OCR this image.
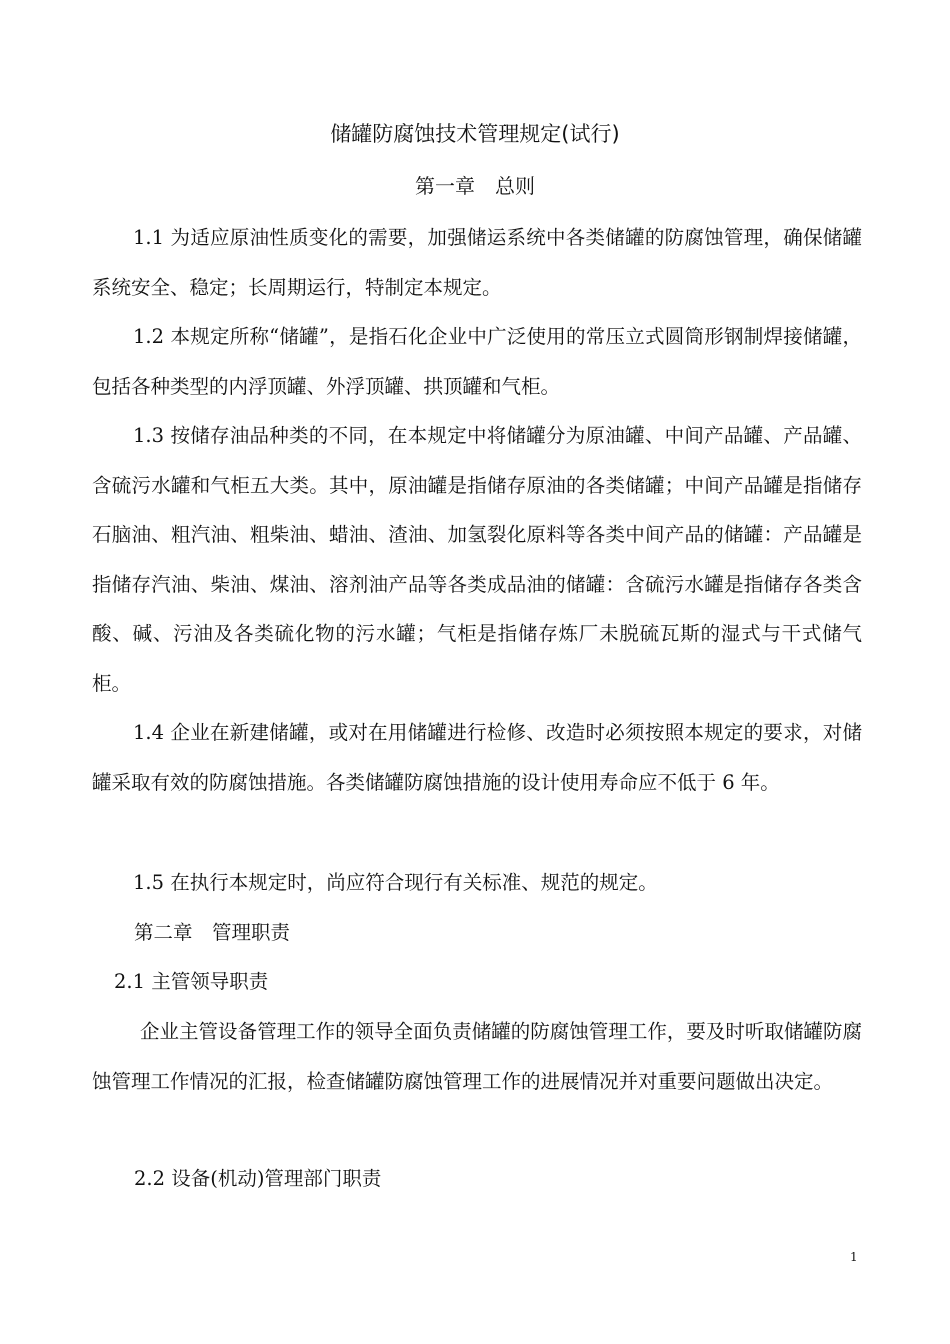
储罐防腐蚀技术管理规定(试行)
第一章　总则

1.1 为适应原油性质变化的需要，加强储运系统中各类储罐的防腐蚀管理，确保储罐系统安全、稳定；长周期运行，特制定本规定。

1.2 本规定所称“储罐”，是指石化企业中广泛使用的常压立式圆筒形钢制焊接储罐，包括各种类型的内浮顶罐、外浮顶罐、拱顶罐和气柜。

1.3 按储存油品种类的不同，在本规定中将储罐分为原油罐、中间产品罐、产品罐、含硫污水罐和气柜五大类。其中，原油罐是指储存原油的各类储罐；中间产品罐是指储存石脑油、粗汽油、粗柴油、蜡油、渣油、加氢裂化原料等各类中间产品的储罐：产品罐是指储存汽油、柴油、煤油、溶剂油产品等各类成品油的储罐：含硫污水罐是指储存各类含酸、碱、污油及各类硫化物的污水罐；气柜是指储存炼厂未脱硫瓦斯的湿式与干式储气柜。

1.4 企业在新建储罐，或对在用储罐进行检修、改造时必须按照本规定的要求，对储罐采取有效的防腐蚀措施。各类储罐防腐蚀措施的设计使用寿命应不低于 6 年。

1.5 在执行本规定时，尚应符合现行有关标准、规范的规定。

第二章　管理职责
2.1 主管领导职责

企业主管设备管理工作的领导全面负责储罐的防腐蚀管理工作，要及时听取储罐防腐蚀管理工作情况的汇报，检查储罐防腐蚀管理工作的进展情况并对重要问题做出决定。

2.2 设备(机动)管理部门职责
1
